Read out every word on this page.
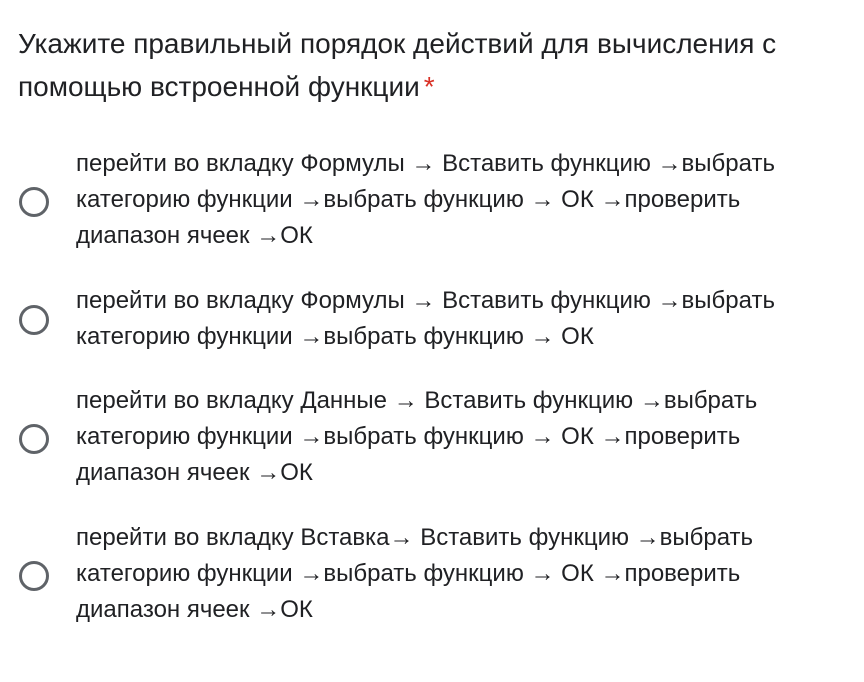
Укажите правильный порядок действий для вычисления с помощью встроенной функции *
перейти во вкладку Формулы → Вставить функцию →выбрать
категорию функции →выбрать функцию → ОК →проверить
диапазон ячеек →ОК
перейти во вкладку Формулы → Вставить функцию →выбрать
категорию функции →выбрать функцию → ОК
перейти во вкладку Данные → Вставить функцию →выбрать
категорию функции →выбрать функцию → ОК →проверить
диапазон ячеек →ОК
перейти во вкладку Вставка→ Вставить функцию →выбрать
категорию функции →выбрать функцию → ОК →проверить
диапазон ячеек →ОК
